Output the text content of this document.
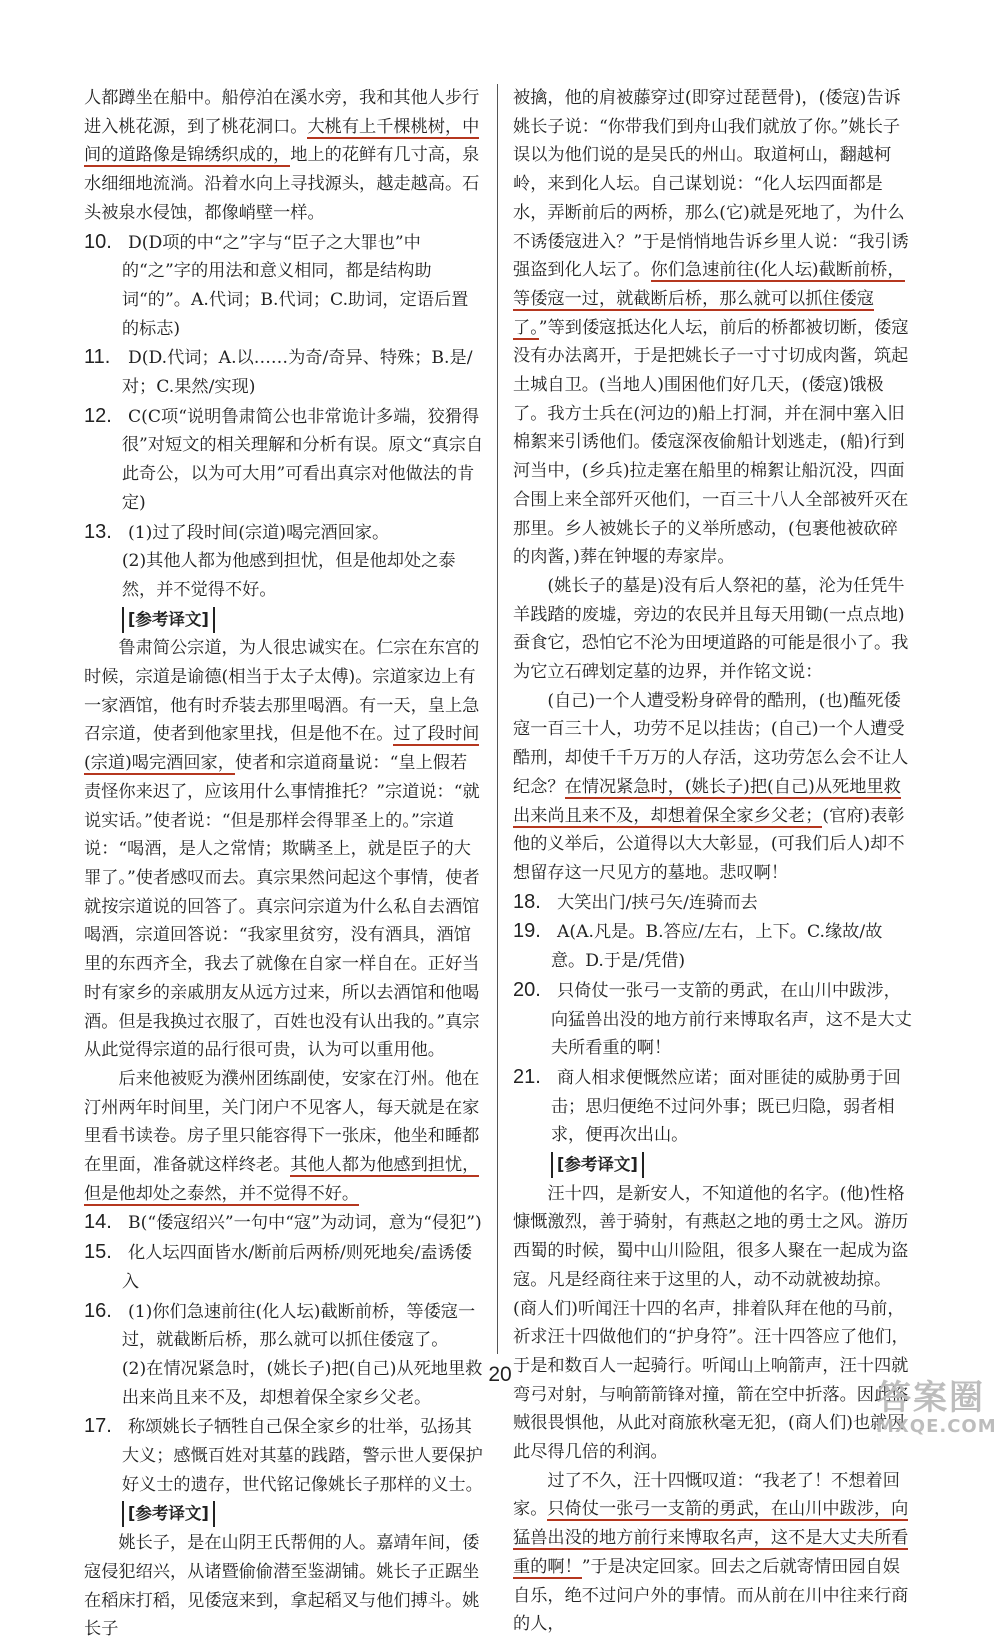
人都蹲坐在船中。船停泊在溪水旁，我和其他人步行进入桃花源，到了桃花洞口。大桃有上千棵桃树，中间的道路像是锦绣织成的，地上的花鲜有几寸高，泉水细细地流淌。沿着水向上寻找源头，越走越高。石头被泉水侵蚀，都像峭壁一样。

10. D(D项的中“之”字与“臣子之大罪也”中的“之”字的用法和意义相同，都是结构助词“的”。A.代词；B.代词；C.助词，定语后置的标志)

11. D(D.代词；A.以……为奇/奇异、特殊；B.是/对；C.果然/实现)

12. C(C项“说明鲁肃简公也非常诡计多端，狡猾得很”对短文的相关理解和分析有误。原文“真宗自此奇公，以为可大用”可看出真宗对他做法的肯定)

13. (1)过了段时间(宗道)喝完酒回家。

(2)其他人都为他感到担忧，但是他却处之泰然，并不觉得不好。

[参考译文]

鲁肃简公宗道，为人很忠诚实在。仁宗在东宫的时候，宗道是谕德(相当于太子太傅)。宗道家边上有一家酒馆，他有时乔装去那里喝酒。有一天，皇上急召宗道，使者到他家里找，但是他不在。过了段时间(宗道)喝完酒回家，使者和宗道商量说：“皇上假若责怪你来迟了，应该用什么事情推托？”宗道说：“就说实话。”使者说：“但是那样会得罪圣上的。”宗道说：“喝酒，是人之常情；欺瞒圣上，就是臣子的大罪了。”使者感叹而去。真宗果然问起这个事情，使者就按宗道说的回答了。真宗问宗道为什么私自去酒馆喝酒，宗道回答说：“我家里贫穷，没有酒具，酒馆里的东西齐全，我去了就像在自家一样自在。正好当时有家乡的亲戚朋友从远方过来，所以去酒馆和他喝酒。但是我换过衣服了，百姓也没有认出我的。”真宗从此觉得宗道的品行很可贵，认为可以重用他。

后来他被贬为濮州团练副使，安家在汀州。他在汀州两年时间里，关门闭户不见客人，每天就是在家里看书读卷。房子里只能容得下一张床，他坐和睡都在里面，准备就这样终老。其他人都为他感到担忧，但是他却处之泰然，并不觉得不好。

14. B(“倭寇绍兴”一句中“寇”为动词，意为“侵犯”)

15. 化人坛四面皆水/断前后两桥/则死地矣/盍诱倭入

16. (1)你们急速前往(化人坛)截断前桥，等倭寇一过，就截断后桥，那么就可以抓住倭寇了。

(2)在情况紧急时，(姚长子)把(自己)从死地里救出来尚且来不及，却想着保全家乡父老。

17. 称颂姚长子牺牲自己保全家乡的壮举，弘扬其大义；感慨百姓对其墓的践踏，警示世人要保护好义士的遗存，世代铭记像姚长子那样的义士。

[参考译文]

姚长子，是在山阴王氏帮佣的人。嘉靖年间，倭寇侵犯绍兴，从诸暨偷偷潜至鉴湖铺。姚长子正踞坐在稻床打稻，见倭寇来到，拿起稻叉与他们搏斗。姚长子

被擒，他的肩被藤穿过(即穿过琵琶骨)，(倭寇)告诉姚长子说：“你带我们到舟山我们就放了你。”姚长子误以为他们说的是吴氏的州山。取道柯山，翻越柯岭，来到化人坛。自己谋划说：“化人坛四面都是水，弄断前后的两桥，那么(它)就是死地了，为什么不诱倭寇进入？”于是悄悄地告诉乡里人说：“我引诱强盗到化人坛了。你们急速前往(化人坛)截断前桥，等倭寇一过，就截断后桥，那么就可以抓住倭寇了。”等到倭寇抵达化人坛，前后的桥都被切断，倭寇没有办法离开，于是把姚长子一寸寸切成肉酱，筑起土城自卫。(当地人)围困他们好几天，(倭寇)饿极了。我方士兵在(河边的)船上打洞，并在洞中塞入旧棉絮来引诱他们。倭寇深夜偷船计划逃走，(船)行到河当中，(乡兵)拉走塞在船里的棉絮让船沉没，四面合围上来全部歼灭他们，一百三十八人全部被歼灭在那里。乡人被姚长子的义举所感动，(包裹他被砍碎的肉酱，)葬在钟堰的寿家岸。

(姚长子的墓是)没有后人祭祀的墓，沦为任凭牛羊践踏的废墟，旁边的农民并且每天用锄(一点点地)蚕食它，恐怕它不沦为田埂道路的可能是很小了。我为它立石碑划定墓的边界，并作铭文说：

(自己)一个人遭受粉身碎骨的酷刑，(也)醢死倭寇一百三十人，功劳不足以挂齿；(自己)一个人遭受酷刑，却使千千万万的人存活，这功劳怎么会不让人纪念？在情况紧急时，(姚长子)把(自己)从死地里救出来尚且来不及，却想着保全家乡父老；(官府)表彰他的义举后，公道得以大大彰显，(可我们后人)却不想留存这一尺见方的墓地。悲叹啊！

18. 大笑出门/挟弓矢/连骑而去

19. A(A.凡是。B.答应/左右，上下。C.缘故/故意。D.于是/凭借)

20. 只倚仗一张弓一支箭的勇武，在山川中跋涉，向猛兽出没的地方前行来博取名声，这不是大丈夫所看重的啊！

21. 商人相求便慨然应诺；面对匪徒的威胁勇于回击；思归便绝不过问外事；既已归隐，弱者相求，便再次出山。

[参考译文]

汪十四，是新安人，不知道他的名字。(他)性格慷慨激烈，善于骑射，有燕赵之地的勇士之风。游历西蜀的时候，蜀中山川险阻，很多人聚在一起成为盗寇。凡是经商往来于这里的人，动不动就被劫掠。(商人们)听闻汪十四的名声，排着队拜在他的马前，祈求汪十四做他们的“护身符”。汪十四答应了他们，于是和数百人一起骑行。听闻山上响箭声，汪十四就弯弓对射，与响箭箭锋对撞，箭在空中折落。因此盗贼很畏惧他，从此对商旅秋毫无犯，(商人们)也就因此尽得几倍的利润。

过了不久，汪十四慨叹道：“我老了！不想着回家。只倚仗一张弓一支箭的勇武，在山川中跋涉，向猛兽出没的地方前行来博取名声，这不是大丈夫所看重的啊！”于是决定回家。回去之后就寄情田园自娱自乐，绝不过问户外的事情。而从前在川中往来行商的人，

20
答案圈
MXQE.COM
